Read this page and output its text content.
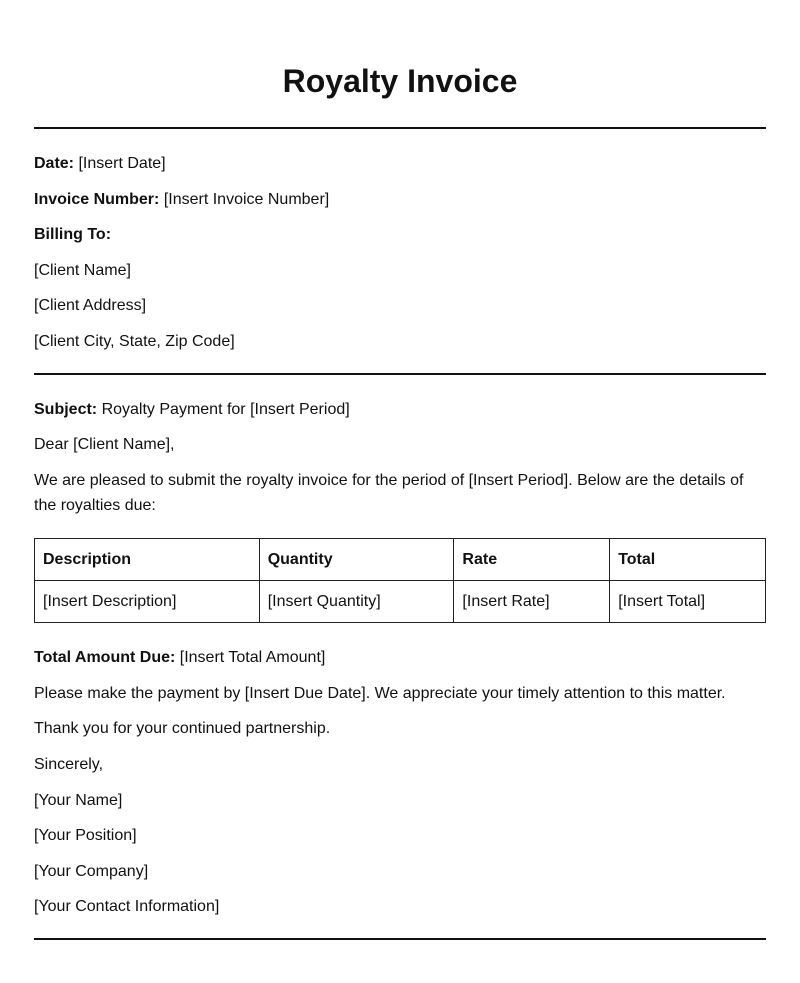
Royalty Invoice
Date: [Insert Date]
Invoice Number: [Insert Invoice Number]
Billing To:
[Client Name]
[Client Address]
[Client City, State, Zip Code]
Subject: Royalty Payment for [Insert Period]
Dear [Client Name],
We are pleased to submit the royalty invoice for the period of [Insert Period]. Below are the details of the royalties due:
Description	Quantity	Rate	Total
[Insert Description]	[Insert Quantity]	[Insert Rate]	[Insert Total]
Total Amount Due: [Insert Total Amount]
Please make the payment by [Insert Due Date]. We appreciate your timely attention to this matter.
Thank you for your continued partnership.
Sincerely,
[Your Name]
[Your Position]
[Your Company]
[Your Contact Information]
